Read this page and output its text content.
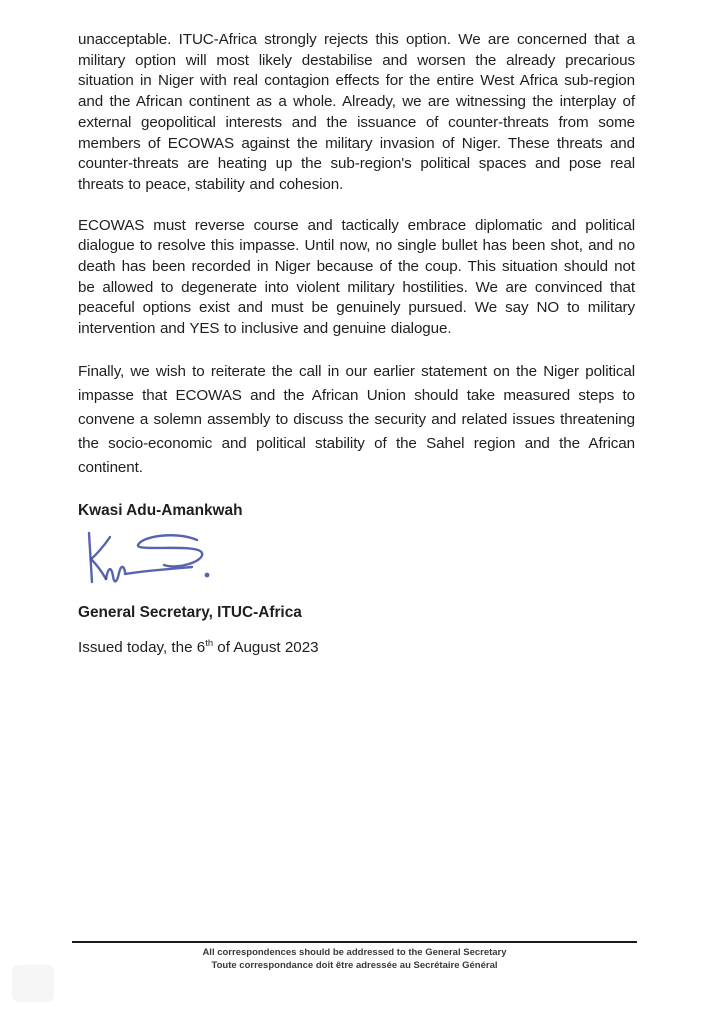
unacceptable. ITUC-Africa strongly rejects this option. We are concerned that a military option will most likely destabilise and worsen the already precarious situation in Niger with real contagion effects for the entire West Africa sub-region and the African continent as a whole. Already, we are witnessing the interplay of external geopolitical interests and the issuance of counter-threats from some members of ECOWAS against the military invasion of Niger. These threats and counter-threats are heating up the sub-region's political spaces and pose real threats to peace, stability and cohesion.

ECOWAS must reverse course and tactically embrace diplomatic and political dialogue to resolve this impasse. Until now, no single bullet has been shot, and no death has been recorded in Niger because of the coup. This situation should not be allowed to degenerate into violent military hostilities. We are convinced that peaceful options exist and must be genuinely pursued. We say NO to military intervention and YES to inclusive and genuine dialogue.

Finally, we wish to reiterate the call in our earlier statement on the Niger political impasse that ECOWAS and the African Union should take measured steps to convene a solemn assembly to discuss the security and related issues threatening the socio-economic and political stability of the Sahel region and the African continent.

Kwasi Adu-Amankwah

General Secretary, ITUC-Africa

Issued today, the 6th of August 2023

All correspondences should be addressed to the General Secretary

Toute correspondance doit être adressée au Secrétaire Général
